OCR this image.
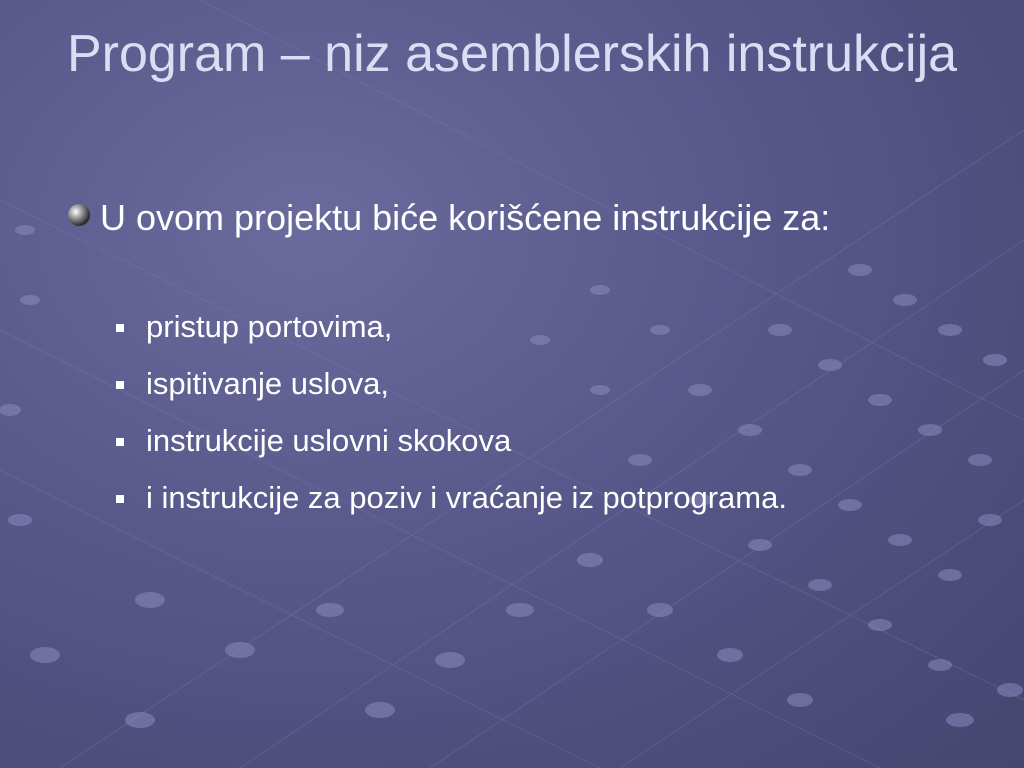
Program – niz asemblerskih instrukcija
U ovom projektu biće korišćene instrukcije za:
pristup portovima,
ispitivanje uslova,
instrukcije uslovni skokova
i instrukcije za poziv i vraćanje iz potprograma.
